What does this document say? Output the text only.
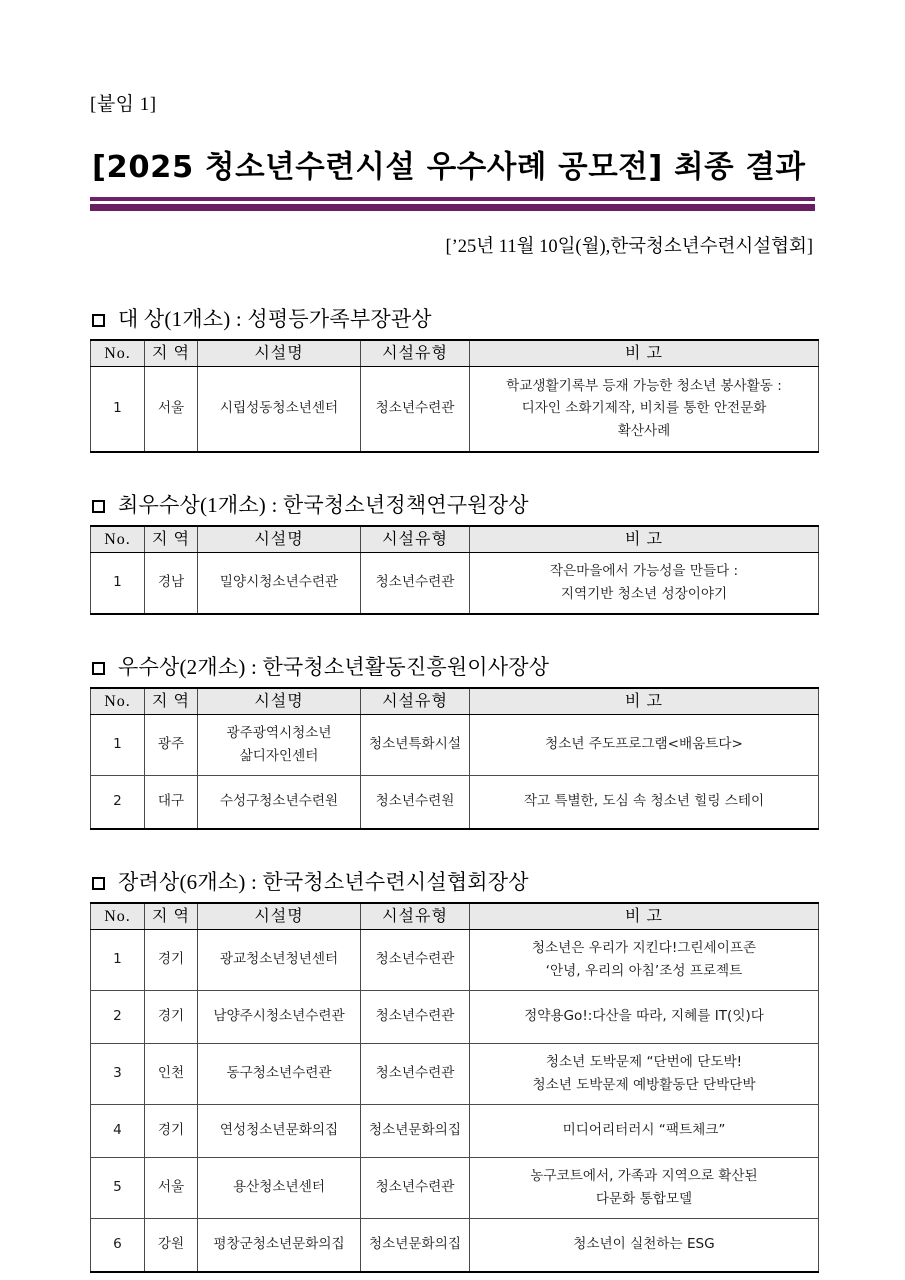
[붙임 1]
[2025 청소년수련시설 우수사례 공모전] 최종 결과
[’25년 11월 10일(월),한국청소년수련시설협회]
대 상(1개소) : 성평등가족부장관상
No.	지 역	시설명	시설유형	비 고
1	서울	시립성동청소년센터	청소년수련관	학교생활기록부 등재 가능한 청소년 봉사활동 :
디자인 소화기제작, 비치를 통한 안전문화
확산사례
최우수상(1개소) : 한국청소년정책연구원장상
No.	지 역	시설명	시설유형	비 고
1	경남	밀양시청소년수련관	청소년수련관	작은마을에서 가능성을 만들다 :
지역기반 청소년 성장이야기
우수상(2개소) : 한국청소년활동진흥원이사장상
No.	지 역	시설명	시설유형	비 고
1	광주	광주광역시청소년
삶디자인센터	청소년특화시설	청소년 주도프로그램<배움트다>

2	대구	수성구청소년수련원	청소년수련원	작고 특별한, 도심 속 청소년 힐링 스테이
장려상(6개소) : 한국청소년수련시설협회장상
No.	지 역	시설명	시설유형	비 고
1	경기	광교청소년청년센터	청소년수련관	청소년은 우리가 지킨다!그린세이프존
‘안녕, 우리의 아침’조성 프로젝트

2	경기	남양주시청소년수련관	청소년수련관	정약용Go!:다산을 따라, 지혜를 IT(잇)다

3	인천	동구청소년수련관	청소년수련관	청소년 도박문제 “단번에 단도박!
청소년 도박문제 예방활동단 단박단박

4	경기	연성청소년문화의집	청소년문화의집	미디어리터러시 “팩트체크”

5	서울	용산청소년센터	청소년수련관	농구코트에서, 가족과 지역으로 확산된
다문화 통합모델

6	강원	평창군청소년문화의집	청소년문화의집	청소년이 실천하는 ESG
